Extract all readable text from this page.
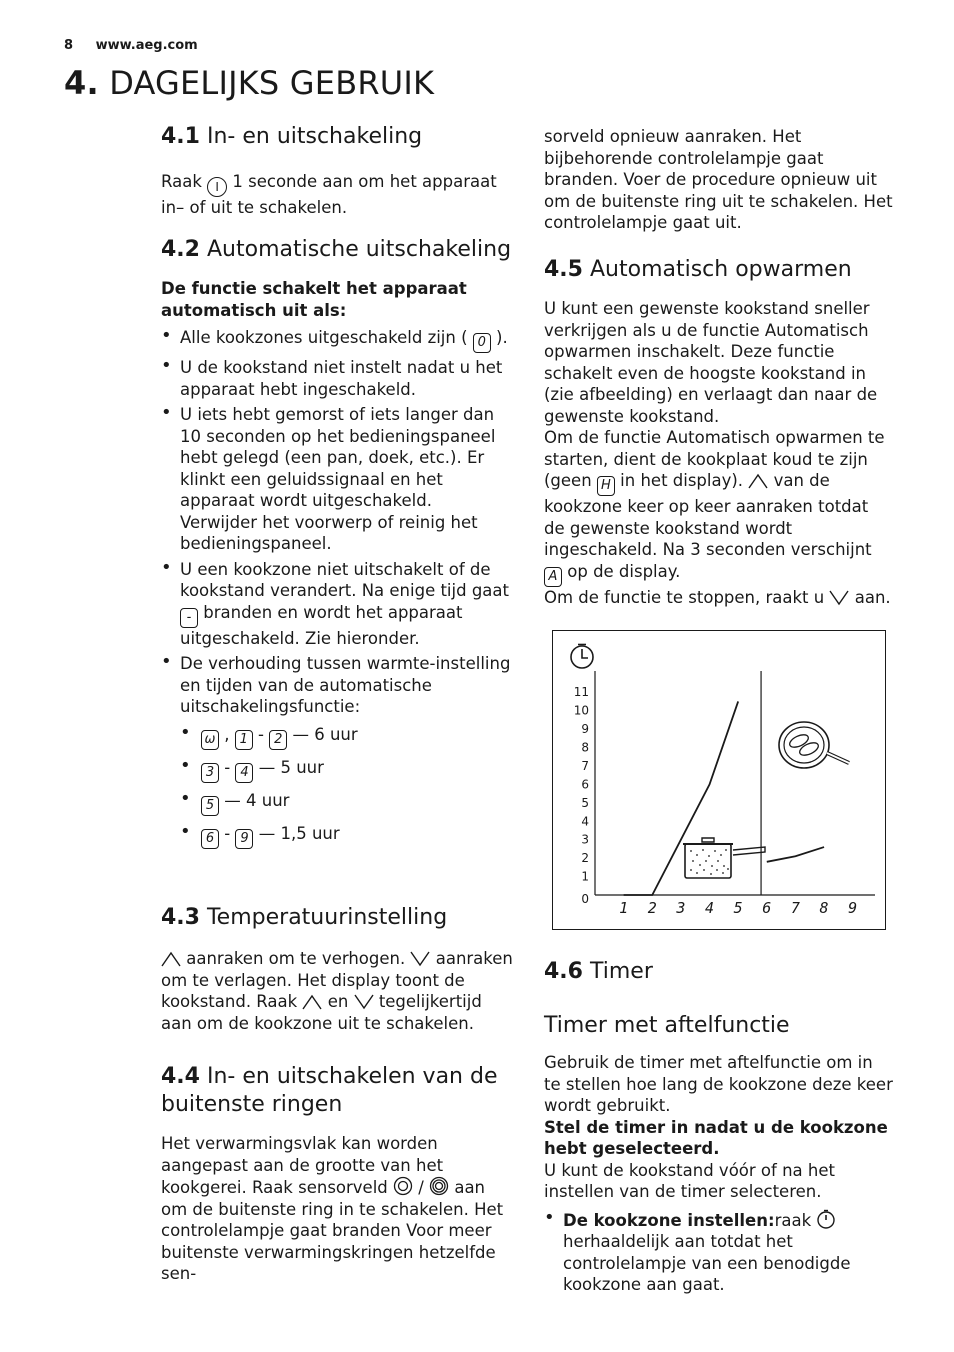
8 www.aeg.com
4. DAGELIJKS GEBRUIK
4.1 In- en uitschakeling

Raak I 1 seconde aan om het apparaat in– of uit te schakelen.

4.2 Automatische uitschakeling

De functie schakelt het apparaat automatisch uit als:

• Alle kookzones uitgeschakeld zijn ( 0 ).
• U de kookstand niet instelt nadat u het apparaat hebt ingeschakeld.
• U iets hebt gemorst of iets langer dan 10 seconden op het bedieningspaneel hebt gelegd (een pan, doek, etc.). Er klinkt een geluidssignaal en het apparaat wordt uitgeschakeld. Verwijder het voorwerp of reinig het bedieningspaneel.
• U een kookzone niet uitschakelt of de kookstand verandert. Na enige tijd gaat - branden en wordt het apparaat uitgeschakeld. Zie hieronder.
• De verhouding tussen warmte-instelling en tijden van de automatische uitschakelingsfunctie:
• ω , 1 - 2 — 6 uur
• 3 - 4 — 5 uur
• 5 — 4 uur
• 6 - 9 — 1,5 uur
4.3 Temperatuurinstelling

aanraken om te verhogen. aanraken om te verlagen. Het display toont de kookstand. Raak en tegelijkertijd aan om de kookzone uit te schakelen.

4.4 In- en uitschakelen van de buitenste ringen

Het verwarmingsvlak kan worden aangepast aan de grootte van het kookgerei. Raak sensorveld /  aan om de buitenste ring in te schakelen. Het controlelampje gaat branden Voor meer buitenste verwarmingskringen hetzelfde sen-

sorveld opnieuw aanraken. Het bijbehorende controlelampje gaat branden. Voer de procedure opnieuw uit om de buitenste ring uit te schakelen. Het controlelampje gaat uit.

4.5 Automatisch opwarmen

U kunt een gewenste kookstand sneller verkrijgen als u de functie Automatisch opwarmen inschakelt. Deze functie schakelt even de hoogste kookstand in (zie afbeelding) en verlaagt dan naar de gewenste kookstand.

Om de functie Automatisch opwarmen te starten, dient de kookplaat koud te zijn (geen H in het display). van de kookzone keer op keer aanraken totdat de gewenste kookstand wordt ingeschakeld. Na 3 seconden verschijnt A op de display.

Om de functie te stoppen, raakt u aan.

4.6 Timer
Timer met aftelfunctie

Gebruik de timer met aftelfunctie om in te stellen hoe lang de kookzone deze keer wordt gebruikt.

Stel de timer in nadat u de kookzone hebt geselecteerd.

U kunt de kookstand vóór of na het instellen van de timer selecteren.

• De kookzone instellen:raak  herhaaldelijk aan totdat het controlelampje van een benodigde kookzone aan gaat.
0
1
2
3
4
5
6
7
8
9
10
11
1 2 3 4 5 6 7 8 9
